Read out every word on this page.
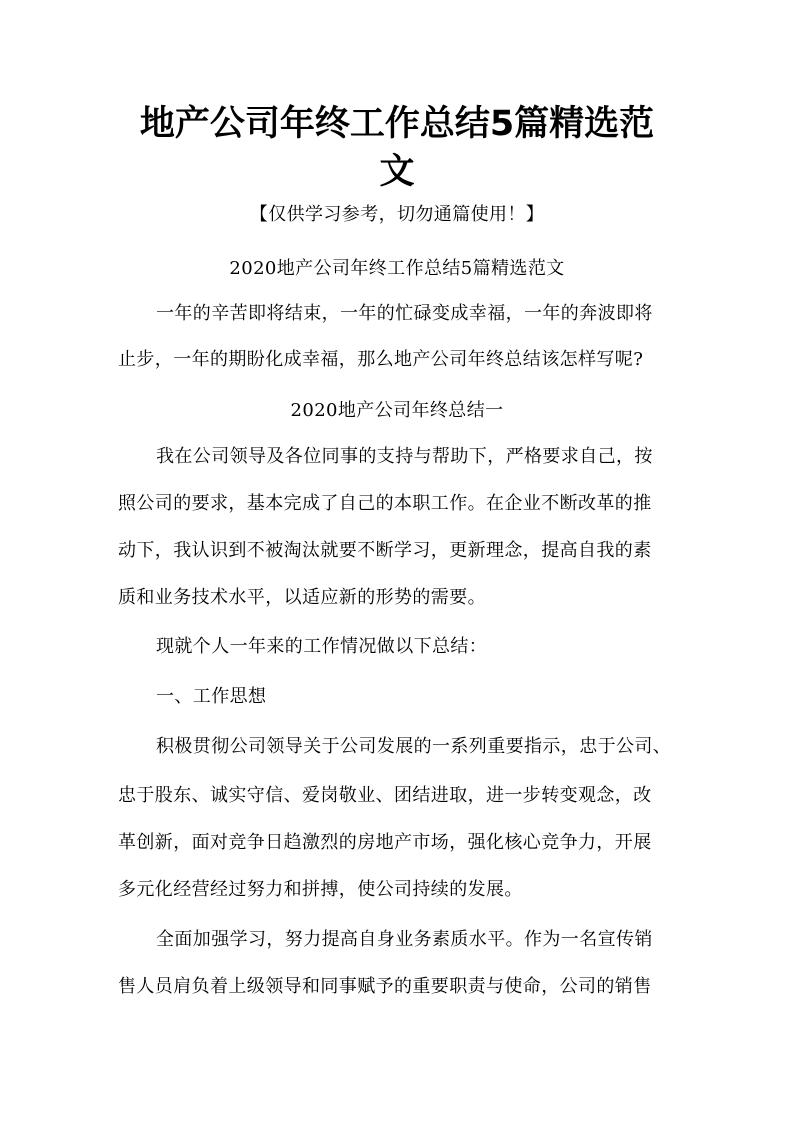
地产公司年终工作总结5篇精选范
文

【仅供学习参考，切勿通篇使用！】

2020地产公司年终工作总结5篇精选范文

一年的辛苦即将结束，一年的忙碌变成幸福，一年的奔波即将

止步，一年的期盼化成幸福，那么地产公司年终总结该怎样写呢?

2020地产公司年终总结一

我在公司领导及各位同事的支持与帮助下，严格要求自己，按

照公司的要求，基本完成了自己的本职工作。在企业不断改革的推

动下，我认识到不被淘汰就要不断学习，更新理念，提高自我的素

质和业务技术水平，以适应新的形势的需要。

现就个人一年来的工作情况做以下总结：

一、工作思想

积极贯彻公司领导关于公司发展的一系列重要指示，忠于公司、

忠于股东、诚实守信、爱岗敬业、团结进取，进一步转变观念，改

革创新，面对竞争日趋激烈的房地产市场，强化核心竞争力，开展

多元化经营经过努力和拼搏，使公司持续的发展。

全面加强学习，努力提高自身业务素质水平。作为一名宣传销

售人员肩负着上级领导和同事赋予的重要职责与使命，公司的销售
